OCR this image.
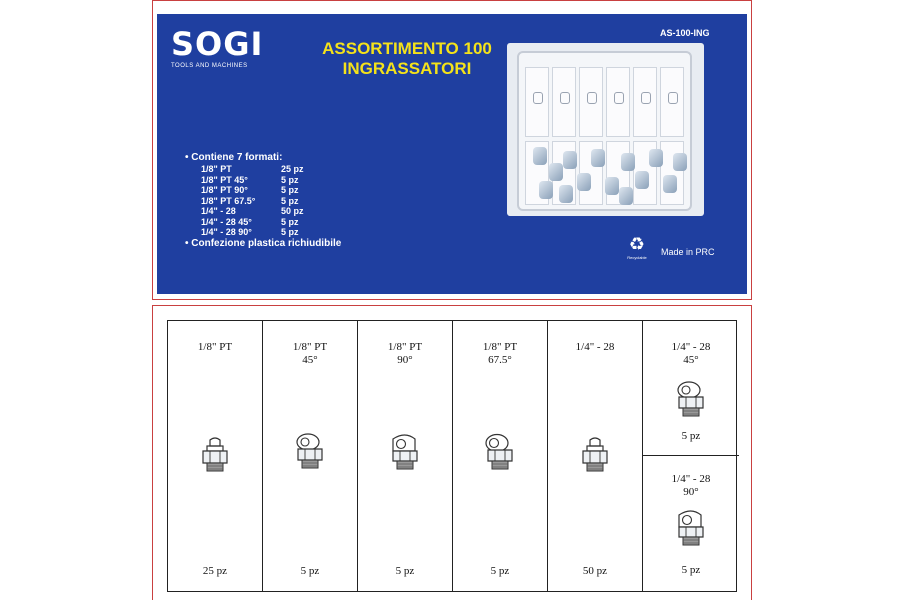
SOGI
TOOLS AND MACHINES
ASSORTIMENTO 100
INGRASSATORI
AS-100-ING
• Contiene 7 formati:
1/8" PT	25 pz
1/8" PT 45°	5 pz
1/8" PT 90°	5 pz
1/8" PT 67.5°	5 pz
1/4" - 28	50 pz
1/4" - 28 45°	5 pz
1/4" - 28 90°	5 pz
• Confezione plastica richiudibile	♻
Recyclable
Made in PRC
1/8" PT
25 pz
1/8" PT
45°
5 pz
1/8" PT
90°
5 pz
1/8" PT
67.5°
5 pz
1/4" - 28
50 pz
1/4" - 28
45°
5 pz
1/4" - 28
90°
5 pz
